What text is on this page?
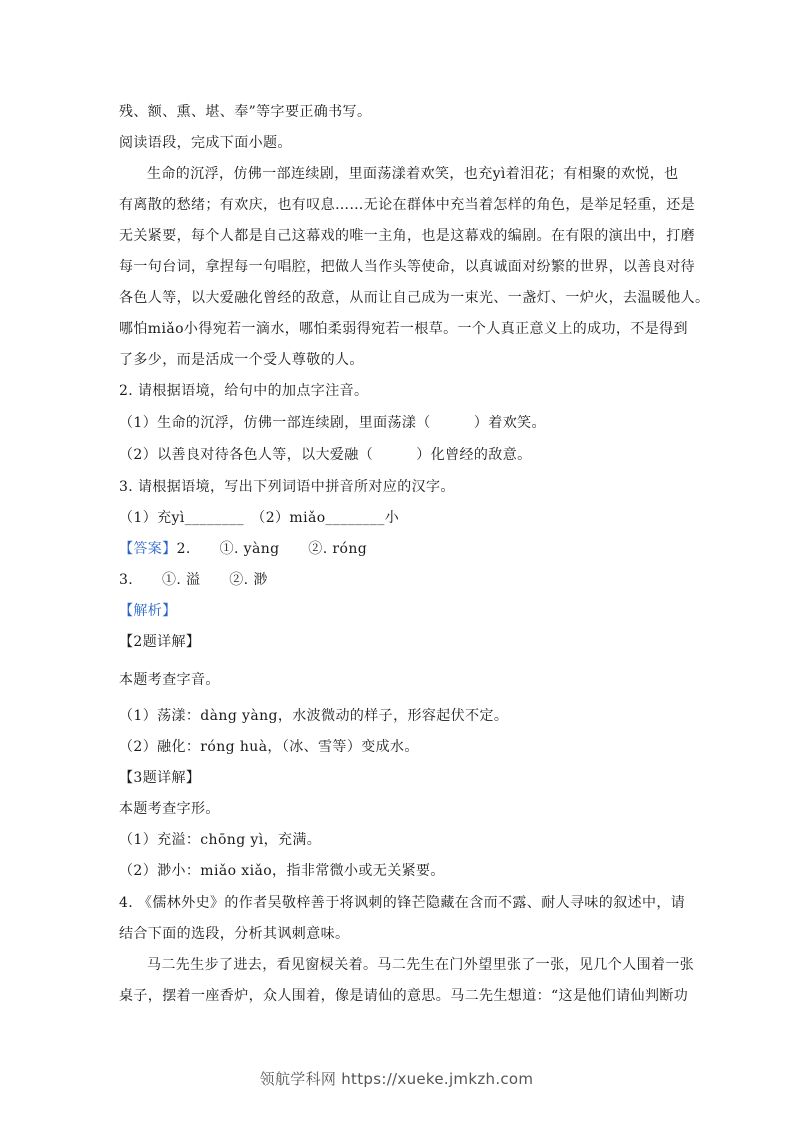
残、额、熏、堪、奉”等字要正确书写。
阅读语段，完成下面小题。
生命的沉浮，仿佛一部连续剧，里面荡漾着欢笑，也充yì着泪花；有相聚的欢悦，也
有离散的愁绪；有欢庆，也有叹息……无论在群体中充当着怎样的角色，是举足轻重，还是
无关紧要，每个人都是自己这幕戏的唯一主角，也是这幕戏的编剧。在有限的演出中，打磨
每一句台词，拿捏每一句唱腔，把做人当作头等使命，以真诚面对纷繁的世界，以善良对待
各色人等，以大爱融化曾经的敌意，从而让自己成为一束光、一盏灯、一炉火，去温暖他人。
哪怕miǎo小得宛若一滴水，哪怕柔弱得宛若一根草。一个人真正意义上的成功，不是得到
了多少，而是活成一个受人尊敬的人。
2. 请根据语境，给句中的加点字注音。
（1）生命的沉浮，仿佛一部连续剧，里面荡漾（　　　）着欢笑。
（2）以善良对待各色人等，以大爱融（　　　）化曾经的敌意。
3. 请根据语境，写出下列词语中拼音所对应的汉字。
（1）充yì________　（2）miǎo________小
【答案】2.　　①. yàng　　②. róng
3.　　①. 溢　　②. 渺
【解析】
【2题详解】
本题考查字音。
（1）荡漾：dàng yàng，水波微动的样子，形容起伏不定。
（2）融化：róng huà，（冰、雪等）变成水。
【3题详解】
本题考查字形。
（1）充溢：chōng yì，充满。
（2）渺小：miǎo xiǎo，指非常微小或无关紧要。
4. 《儒林外史》的作者吴敬梓善于将讽刺的锋芒隐藏在含而不露、耐人寻味的叙述中，请
结合下面的选段，分析其讽刺意味。
马二先生步了进去，看见窗棂关着。马二先生在门外望里张了一张，见几个人围着一张
桌子，摆着一座香炉，众人围着，像是请仙的意思。马二先生想道：“这是他们请仙判断功
领航学科网 https://xueke.jmkzh.com
